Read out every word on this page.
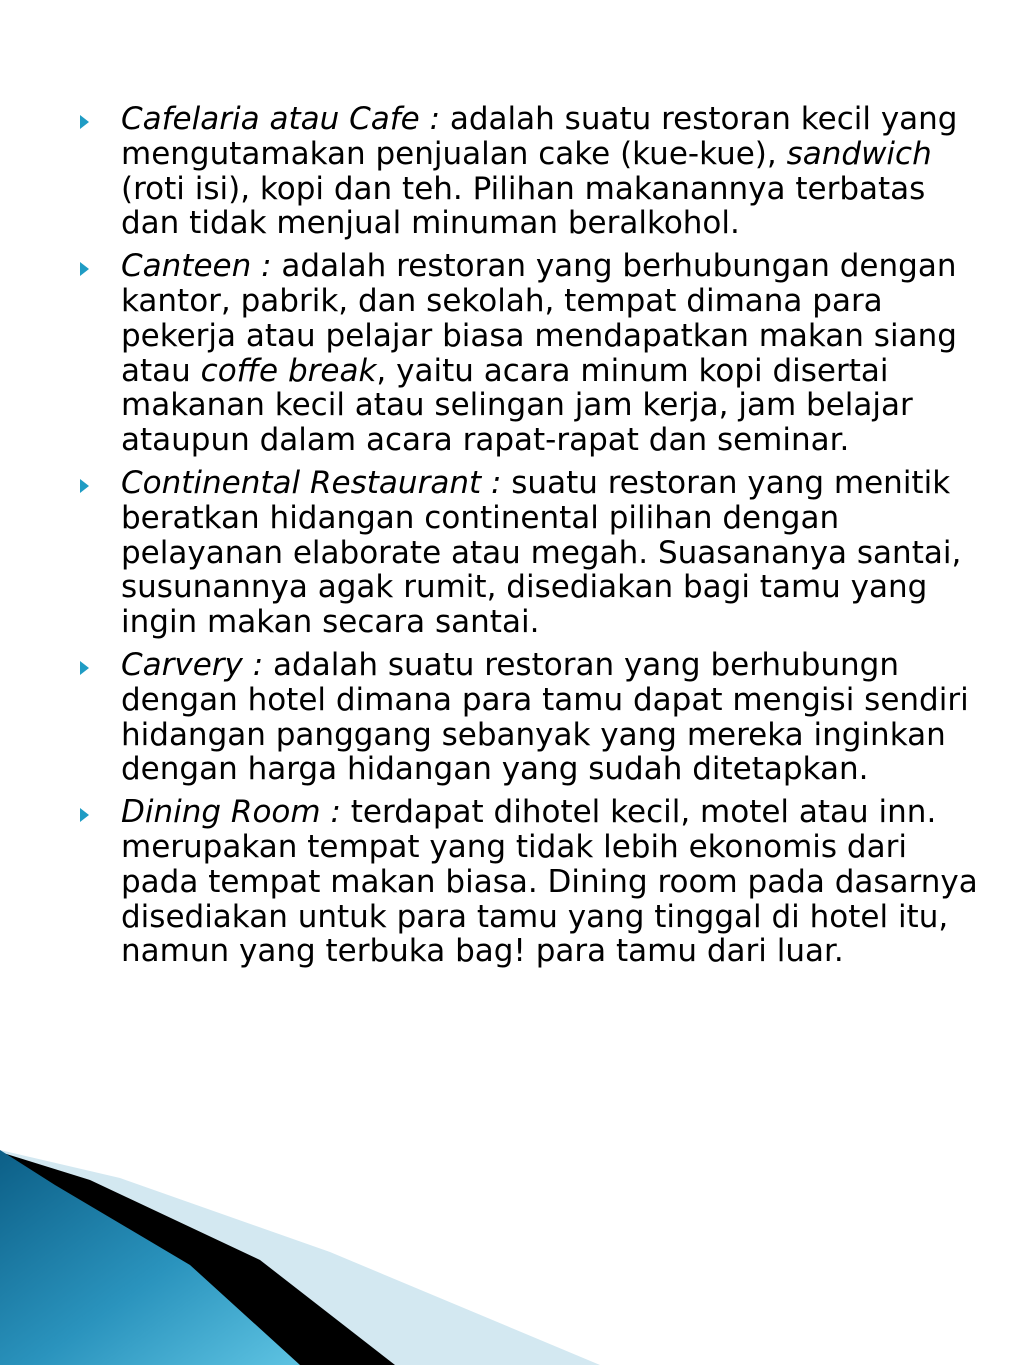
Cafelaria atau Cafe : adalah suatu restoran kecil yang mengutamakan penjualan cake (kue-kue), sandwich (roti isi), kopi dan teh. Pilihan makanannya terbatas dan tidak menjual minuman beralkohol.
Canteen : adalah restoran yang berhubungan dengan kantor, pabrik, dan sekolah, tempat dimana para pekerja atau pelajar biasa mendapatkan makan siang atau coffe break, yaitu acara minum kopi disertai makanan kecil atau selingan jam kerja, jam belajar ataupun dalam acara rapat-rapat dan seminar.
Continental Restaurant : suatu restoran yang menitik beratkan hidangan continental pilihan dengan pelayanan elaborate atau megah. Suasananya santai, susunannya agak rumit, disediakan bagi tamu yang ingin makan secara santai.
Carvery : adalah suatu restoran yang berhubungn dengan hotel dimana para tamu dapat mengisi sendiri hidangan panggang sebanyak yang mereka inginkan dengan harga hidangan yang sudah ditetapkan.
Dining Room : terdapat dihotel kecil, motel atau inn. merupakan tempat yang tidak lebih ekonomis dari pada tempat makan biasa. Dining room pada dasarnya disediakan untuk para tamu yang tinggal di hotel itu, namun yang terbuka bag! para tamu dari luar.
